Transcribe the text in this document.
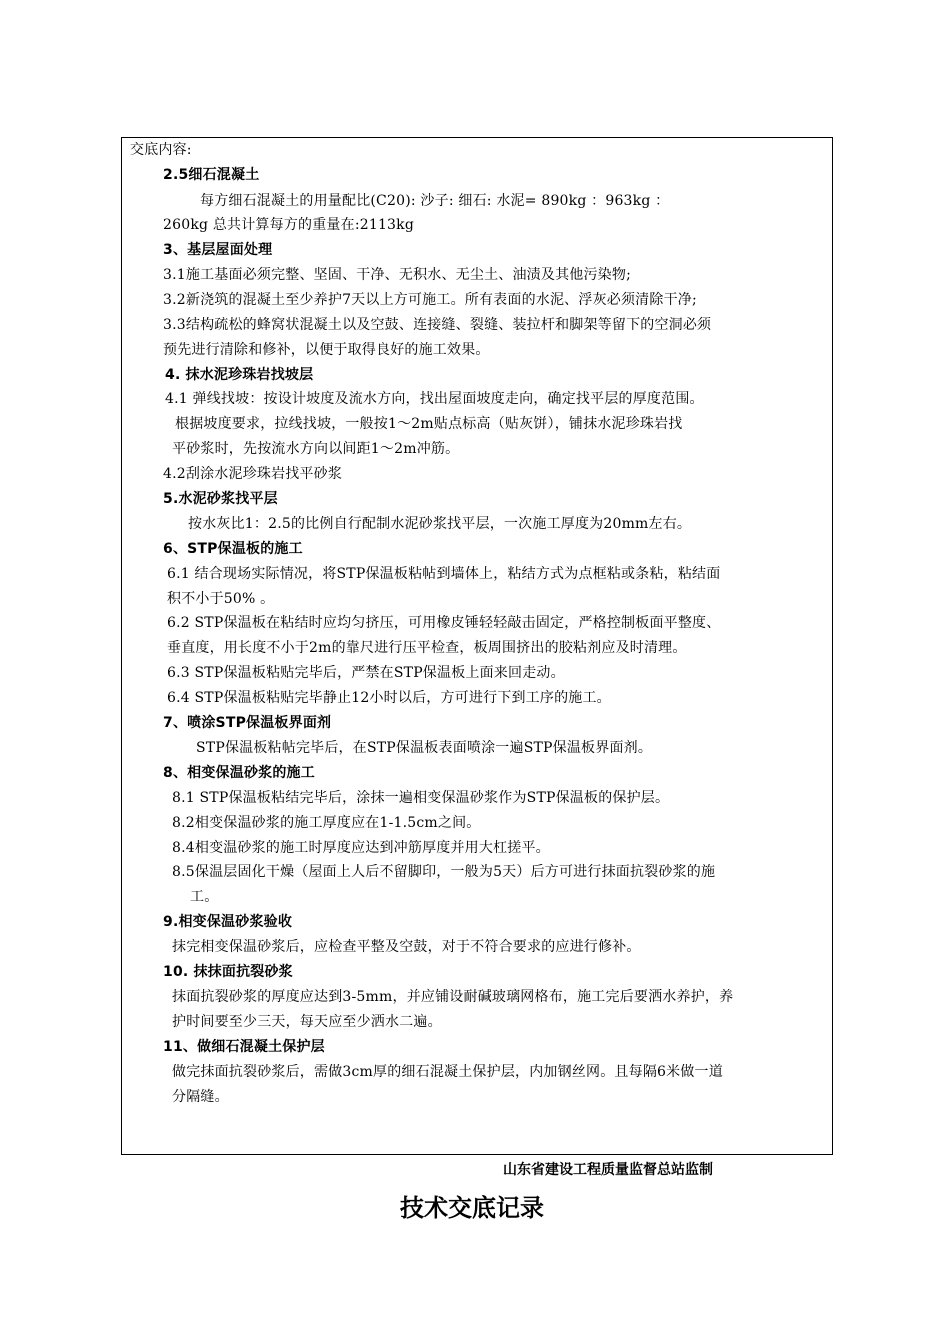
交底内容:
2.5细石混凝土
每方细石混凝土的用量配比(C20): 沙子: 细石: 水泥= 890kg ：963kg ：
260kg 总共计算每方的重量在:2113kg
3、基层屋面处理
3.1施工基面必须完整、坚固、干净、无积水、无尘土、油渍及其他污染物;
3.2新浇筑的混凝土至少养护7天以上方可施工。所有表面的水泥、浮灰必须清除干净;
3.3结构疏松的蜂窝状混凝土以及空鼓、连接缝、裂缝、装拉杆和脚架等留下的空洞必须
预先进行清除和修补，以便于取得良好的施工效果。
4. 抹水泥珍珠岩找坡层
4.1 弹线找坡：按设计坡度及流水方向，找出屋面坡度走向，确定找平层的厚度范围。
根据坡度要求，拉线找坡，一般按1～2m贴点标高（贴灰饼），铺抹水泥珍珠岩找
平砂浆时，先按流水方向以间距1～2m冲筋。
4.2刮涂水泥珍珠岩找平砂浆
5.水泥砂浆找平层
按水灰比1：2.5的比例自行配制水泥砂浆找平层，一次施工厚度为20mm左右。
6、STP保温板的施工
6.1 结合现场实际情况，将STP保温板粘帖到墙体上，粘结方式为点框粘或条粘，粘结面
积不小于50% 。
6.2 STP保温板在粘结时应均匀挤压，可用橡皮锤轻轻敲击固定，严格控制板面平整度、
垂直度，用长度不小于2m的靠尺进行压平检查，板周围挤出的胶粘剂应及时清理。
6.3 STP保温板粘贴完毕后，严禁在STP保温板上面来回走动。
6.4 STP保温板粘贴完毕静止12小时以后，方可进行下到工序的施工。
7、喷涂STP保温板界面剂
STP保温板粘帖完毕后，在STP保温板表面喷涂一遍STP保温板界面剂。
8、相变保温砂浆的施工
8.1 STP保温板粘结完毕后，涂抹一遍相变保温砂浆作为STP保温板的保护层。
8.2相变保温砂浆的施工厚度应在1-1.5cm之间。
8.4相变温砂浆的施工时厚度应达到冲筋厚度并用大杠搓平。
8.5保温层固化干燥（屋面上人后不留脚印，一般为5天）后方可进行抹面抗裂砂浆的施
工。
9.相变保温砂浆验收
抹完相变保温砂浆后，应检查平整及空鼓，对于不符合要求的应进行修补。
10. 抹抹面抗裂砂浆
抹面抗裂砂浆的厚度应达到3-5mm，并应铺设耐碱玻璃网格布，施工完后要洒水养护，养
护时间要至少三天，每天应至少洒水二遍。
11、做细石混凝土保护层
做完抹面抗裂砂浆后，需做3cm厚的细石混凝土保护层，内加钢丝网。且每隔6米做一道
分隔缝。
山东省建设工程质量监督总站监制
技术交底记录
